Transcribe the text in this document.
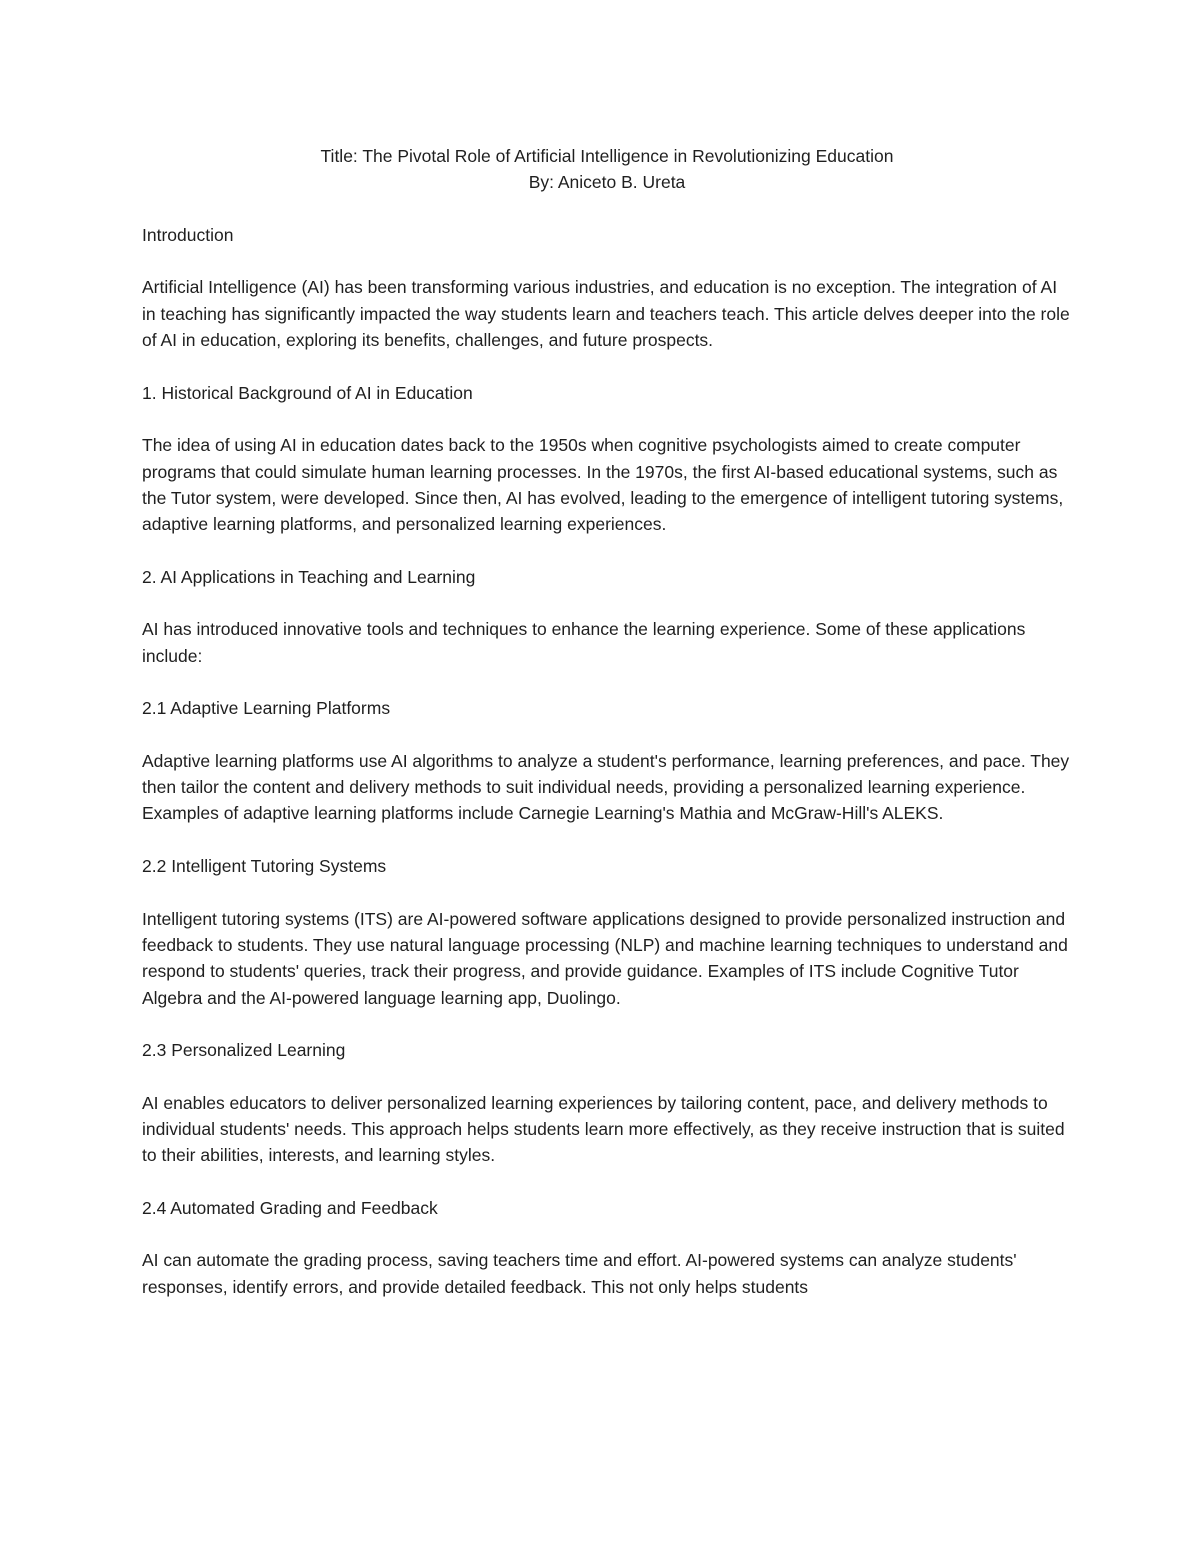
Title: The Pivotal Role of Artificial Intelligence in Revolutionizing Education
By: Aniceto B. Ureta

Introduction

Artificial Intelligence (AI) has been transforming various industries, and education is no exception. The integration of AI in teaching has significantly impacted the way students learn and teachers teach. This article delves deeper into the role of AI in education, exploring its benefits, challenges, and future prospects.

1. Historical Background of AI in Education

The idea of using AI in education dates back to the 1950s when cognitive psychologists aimed to create computer programs that could simulate human learning processes. In the 1970s, the first AI-based educational systems, such as the Tutor system, were developed. Since then, AI has evolved, leading to the emergence of intelligent tutoring systems, adaptive learning platforms, and personalized learning experiences.

2. AI Applications in Teaching and Learning

AI has introduced innovative tools and techniques to enhance the learning experience. Some of these applications include:

2.1 Adaptive Learning Platforms

Adaptive learning platforms use AI algorithms to analyze a student's performance, learning preferences, and pace. They then tailor the content and delivery methods to suit individual needs, providing a personalized learning experience. Examples of adaptive learning platforms include Carnegie Learning's Mathia and McGraw-Hill's ALEKS.

2.2 Intelligent Tutoring Systems

Intelligent tutoring systems (ITS) are AI-powered software applications designed to provide personalized instruction and feedback to students. They use natural language processing (NLP) and machine learning techniques to understand and respond to students' queries, track their progress, and provide guidance. Examples of ITS include Cognitive Tutor Algebra and the AI-powered language learning app, Duolingo.

2.3 Personalized Learning

AI enables educators to deliver personalized learning experiences by tailoring content, pace, and delivery methods to individual students' needs. This approach helps students learn more effectively, as they receive instruction that is suited to their abilities, interests, and learning styles.

2.4 Automated Grading and Feedback

AI can automate the grading process, saving teachers time and effort. AI-powered systems can analyze students' responses, identify errors, and provide detailed feedback. This not only helps students
